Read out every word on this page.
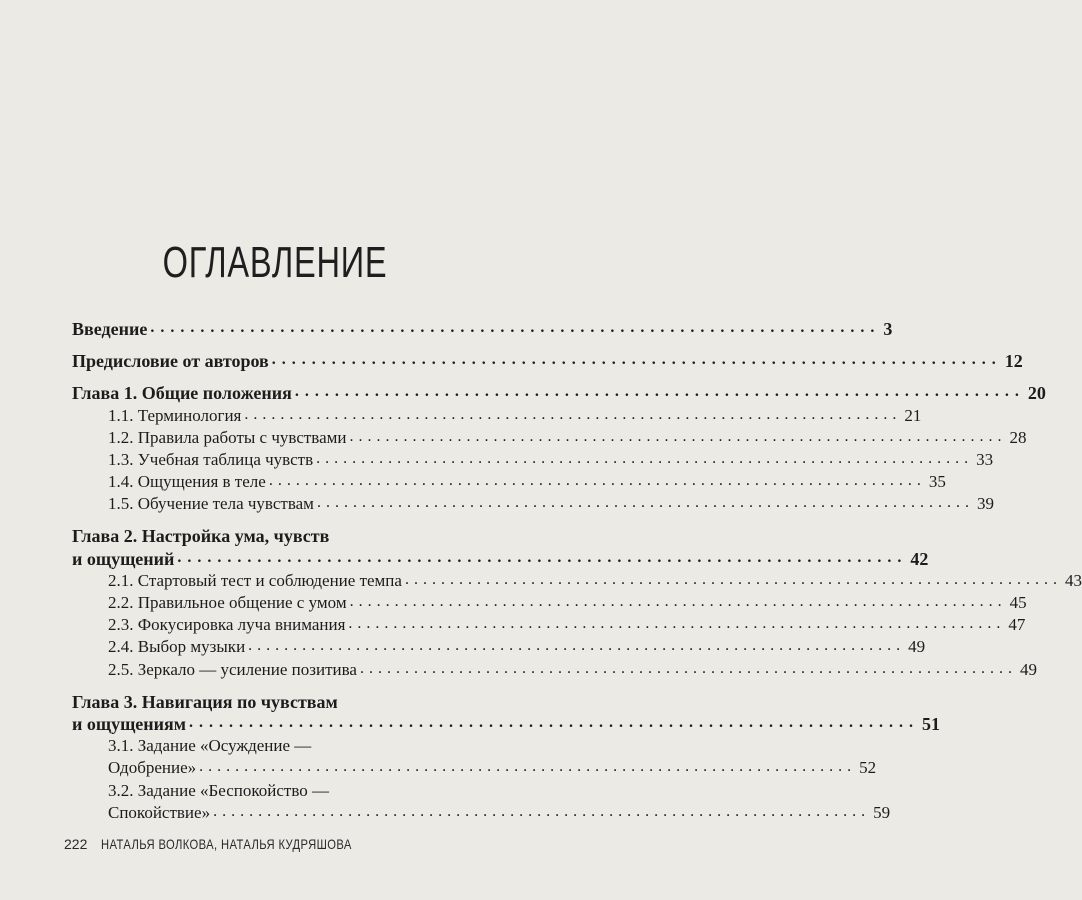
ОГЛАВЛЕНИЕ
Введение ......................................................................... 3
Предисловие от авторов ......................................................................... 12
Глава 1. Общие положения ......................................................................... 20
1.1. Терминология ......................................................................... 21
1.2. Правила работы с чувствами ......................................................................... 28
1.3. Учебная таблица чувств ......................................................................... 33
1.4. Ощущения в теле ......................................................................... 35
1.5. Обучение тела чувствам ......................................................................... 39
Глава 2. Настройка ума, чувств
и ощущений ......................................................................... 42
2.1. Стартовый тест и соблюдение темпа ......................................................................... 43
2.2. Правильное общение с умом ......................................................................... 45
2.3. Фокусировка луча внимания ......................................................................... 47
2.4. Выбор музыки ......................................................................... 49
2.5. Зеркало — усиление позитива ......................................................................... 49
Глава 3. Навигация по чувствам
и ощущениям ......................................................................... 51
3.1. Задание «Осуждение —
Одобрение» ......................................................................... 52
3.2. Задание «Беспокойство —
Спокойствие» ......................................................................... 59
222 НАТАЛЬЯ ВОЛКОВА, НАТАЛЬЯ КУДРЯШОВА
